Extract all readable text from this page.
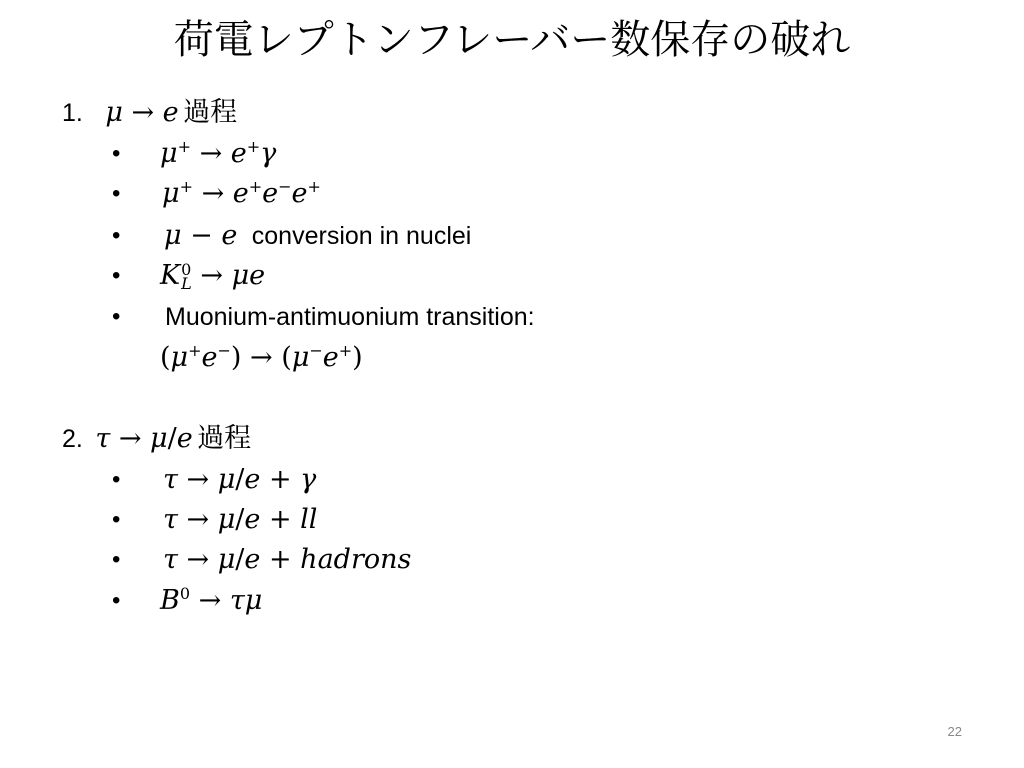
荷電レプトンフレーバー数保存の破れ
1. μ → e 過程
• μ+ → e+γ
• μ+ → e+e−e+
• μ − e conversion in nuclei
• K 0
L → μe
• Muonium-antimuonium transition:
(μ+e−) → (μ−e+)
2. τ → μ/e 過程
• τ → μ/e + γ
• τ → μ/e + ll
• τ → μ/e + hadrons
• $B^0 \to \tau\mu$
22
